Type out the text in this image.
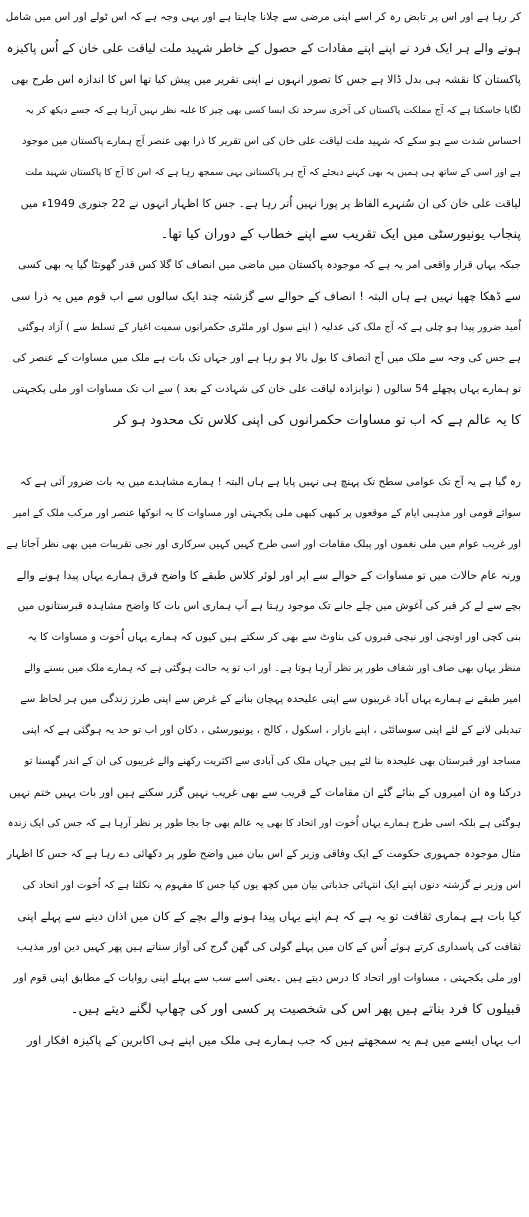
کر رہا ہے اور اس پر تابض رہ کر اسے اپنی مرضی سے چلانا چاہتا ہے اور یہی وجہ ہے کہ اس ٹولے اور اس میں شامل
ہونے والے ہر ایک فرد نے اپنے اپنے مفادات کے حصول کے خاطر شہید ملت لیاقت علی خان کے اُس پاکیزہ
پاکستان کا نقشہ ہی بدل ڈالا ہے جس کا تصور انہوں نے اپنی تقریر میں پیش کیا تھا اس کا اندازہ اس طرح بھی
لگایا جاسکتا ہے کہ آج مملکت پاکستان کی آخری سرحد تک ایسا کسی بھی چیز کا غلبہ نظر نہیں آرہا ہے کہ جسے دیکھ کر یہ
احساس شدت سے ہو سکے کہ شہید ملت لیاقت علی خان کی اس تقریر کا ذرا بھی عنصر آج ہمارے پاکستان میں موجود
ہے اور اسی کے ساتھ ہی ہمیں یہ بھی کہنے دیجئے کہ آج ہر پاکستانی یہی سمجھ رہا ہے کہ اس کا آج کا پاکستان شہید ملت
لیاقت علی خان کی ان سُنہرے الفاظ پر پورا نہیں اُتر رہا ہے۔ جس کا اظہار انہوں نے 22 جنوری 1949ء میں
پنجاب یونیورسٹی میں ایک تقریب سے اپنے خطاب کے دوران کیا تھا۔
جبکہ یہاں قرار واقعی امر یہ ہے کہ موجودہ پاکستان میں ماضی میں انصاف کا گلا کس قدر گھونٹا گیا یہ بھی کسی
سے ڈھکا چھپا نہیں ہے ہاں البتہ ! انصاف کے حوالے سے گزشتہ چند ایک سالوں سے اب قوم میں یہ ذرا سی
اُمید ضرور پیدا ہو چلی ہے کہ آج ملک کی عدلیہ ( اپنے سول اور ملٹری حکمرانوں سمیت اغیار کے تسلط سے ) آزاد ہوگئی
ہے جس کی وجہ سے ملک میں آج انصاف کا بول بالا ہو رہا ہے اور جہاں تک بات ہے ملک میں مساوات کے عنصر کی
تو ہمارے یہاں پچھلے 54 سالوں ( نوابزادہ لیاقت علی خان کی شہادت کے بعد ) سے اب تک مساوات اور ملی یکجہتی
کا یہ عالم ہے کہ اب تو مساوات حکمرانوں کی اپنی کلاس تک محدود ہو کر
رہ گیا ہے یہ آج تک عوامی سطح تک پہنچ ہی نہیں پایا ہے ہاں البتہ ! ہمارے مشاہدے میں یہ بات ضرور آئی ہے کہ
سوائے قومی اور مذہبی ایام کے موقعوں پر کبھی کبھی ملی یکجہتی اور مساوات کا یہ انوکھا عنصر اور مرکب ملک کے امیر
اور غریب عوام میں ملی نغموں اور پبلک مقامات اور اسی طرح کہیں کہیں سرکاری اور نجی تقریبات میں بھی نظر آجاتا ہے
ورنہ عام حالات میں تو مساوات کے حوالے سے اپر اور لوئر کلاس طبقے کا واضح فرق ہمارے یہاں پیدا ہونے والے
بچے سے لے کر قبر کی آغوش میں چلے جانے تک موجود رہتا ہے آپ ہماری اس بات کا واضح مشاہدہ قبرستانوں میں
بنی کچی اور اونچی اور نیچی قبروں کی بناوٹ سے بھی کر سکتے ہیں کیوں کہ ہمارے یہاں اُخوت و مساوات کا یہ
منظر یہاں بھی صاف اور شفاف طور پر نظر آرہا ہوتا ہے۔ اور اب تو یہ حالت ہوگئی ہے کہ ہمارے ملک میں بسنے والے
امیر طبقے نے ہمارے یہاں آباد غریبوں سے اپنی علیحدہ پہچان بنانے کے غرض سے اپنی طرز زندگی میں ہر لحاظ سے
تبدیلی لانے کے لئے اپنی سوسائٹی ، اپنے بازار ، اسکول ، کالج ، یونیورسٹی ، دکان اور اب تو حد یہ ہوگئی ہے کہ اپنی
مساجد اور قبرستان بھی علیحدہ بنا لئے ہیں جہاں ملک کی آبادی سے اکثریت رکھنے والے غریبوں کی ان کے اندر گھسنا تو
درکنا وہ ان امیروں کے بنائے گئے ان مقامات کے قریب سے بھی غریب نہیں گزر سکتے ہیں اور بات یہیں ختم نہیں
ہوگئی ہے بلکہ اسی طرح ہمارے یہاں اُخوت اور اتحاد کا بھی یہ عالم بھی جا بجا طور پر نظر آرہا ہے کہ جس کی ایک زندہ
مثال موجودہ جمہوری حکومت کے ایک وفاقی وزیر کے اس بیان میں واضح طور پر دکھائی دے رہا ہے کہ جس کا اظہار
اس وزیر نے گزشتہ دنوں اپنے ایک انتہائی جذباتی بیان میں کچھ یوں کیا جس کا مفہوم یہ نکلتا ہے کہ اُخوت اور اتحاد کی
کیا بات ہے ہماری ثقافت تو یہ ہے کہ ہم اپنے یہاں پیدا ہونے والے بچے کے کان میں اذان دینے سے پہلے اپنی
ثقافت کی پاسداری کرتے ہوئے اُس کے کان میں پہلے گولی کی گھن گرج کی آواز سناتے ہیں پھر کہیں دین اور مذہب
اور ملی یکجہتی ، مساوات اور اتحاد کا درس دیتے ہیں ۔یعنی اسے سب سے پہلے اپنی روایات کے مطابق اپنی قوم اور
قبیلوں کا فرد بناتے ہیں پھر اس کی شخصیت پر کسی اور کی چھاپ لگنے دیتے ہیں۔
اب یہاں ایسے میں ہم یہ سمجھتے ہیں کہ جب ہمارے ہی ملک میں اپنے ہی اکابرین کے پاکیزہ افکار اور
